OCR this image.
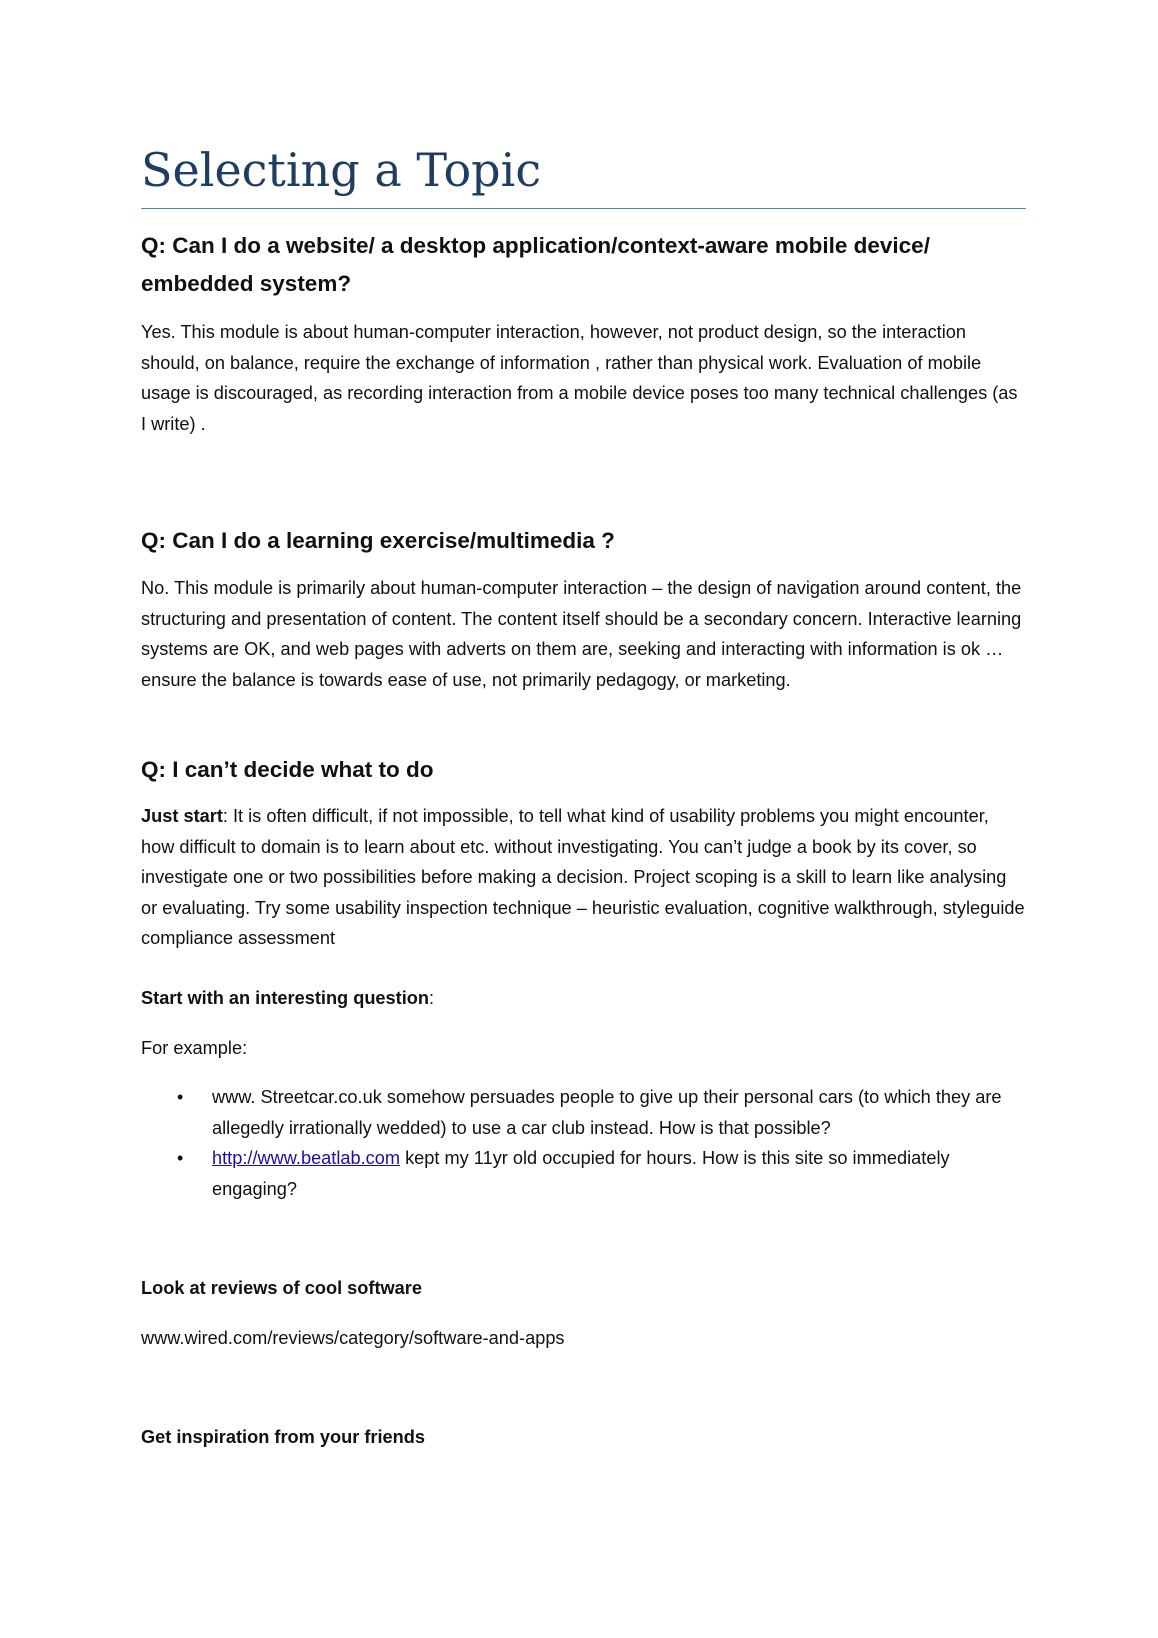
Selecting a Topic
Q: Can I do a website/ a desktop application/context-aware mobile device/ embedded system?

Yes. This module is about human-computer interaction, however, not product design, so the interaction should, on balance, require the exchange of information , rather than physical work. Evaluation of mobile usage is discouraged, as recording interaction from a mobile device poses too many technical challenges (as I write) .

Q: Can I do a learning exercise/multimedia ?

No. This module is primarily about human-computer interaction – the design of navigation around content, the structuring and presentation of content. The content itself should be a secondary concern. Interactive learning systems are OK, and web pages with adverts on them are, seeking and interacting with information is ok … ensure the balance is towards ease of use, not primarily pedagogy, or marketing.

Q: I can’t decide what to do

Just start: It is often difficult, if not impossible, to tell what kind of usability problems you might encounter, how difficult to domain is to learn about etc. without investigating. You can’t judge a book by its cover, so investigate one or two possibilities before making a decision. Project scoping is a skill to learn like analysing or evaluating. Try some usability inspection technique – heuristic evaluation, cognitive walkthrough, styleguide compliance assessment

Start with an interesting question:

For example:

• www. Streetcar.co.uk somehow persuades people to give up their personal cars (to which they are allegedly irrationally wedded) to use a car club instead. How is that possible?
• http://www.beatlab.com kept my 11yr old occupied for hours. How is this site so immediately engaging?

Look at reviews of cool software

www.wired.com/reviews/category/software-and-apps

Get inspiration from your friends
